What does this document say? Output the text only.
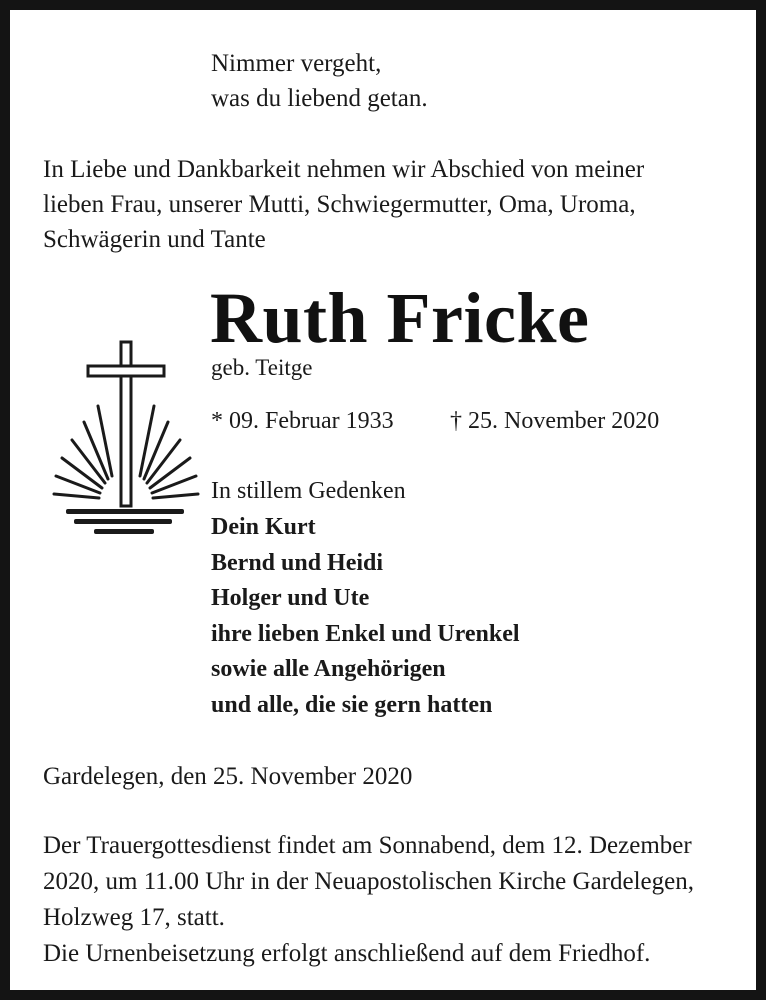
Nimmer vergeht,
was du liebend getan.

In Liebe und Dankbarkeit nehmen wir Abschied von meiner
lieben Frau, unserer Mutti, Schwiegermutter, Oma, Uroma,
Schwägerin und Tante

Ruth Fricke

geb. Teitge

* 09. Februar 1933 † 25. November 2020

In stillem Gedenken

Dein Kurt
Bernd und Heidi
Holger und Ute
ihre lieben Enkel und Urenkel
sowie alle Angehörigen
und alle, die sie gern hatten

Gardelegen, den 25. November 2020

Der Trauergottesdienst findet am Sonnabend, dem 12. Dezember
2020, um 11.00 Uhr in der Neuapostolischen Kirche Gardelegen,
Holzweg 17, statt.
Die Urnenbeisetzung erfolgt anschließend auf dem Friedhof.
